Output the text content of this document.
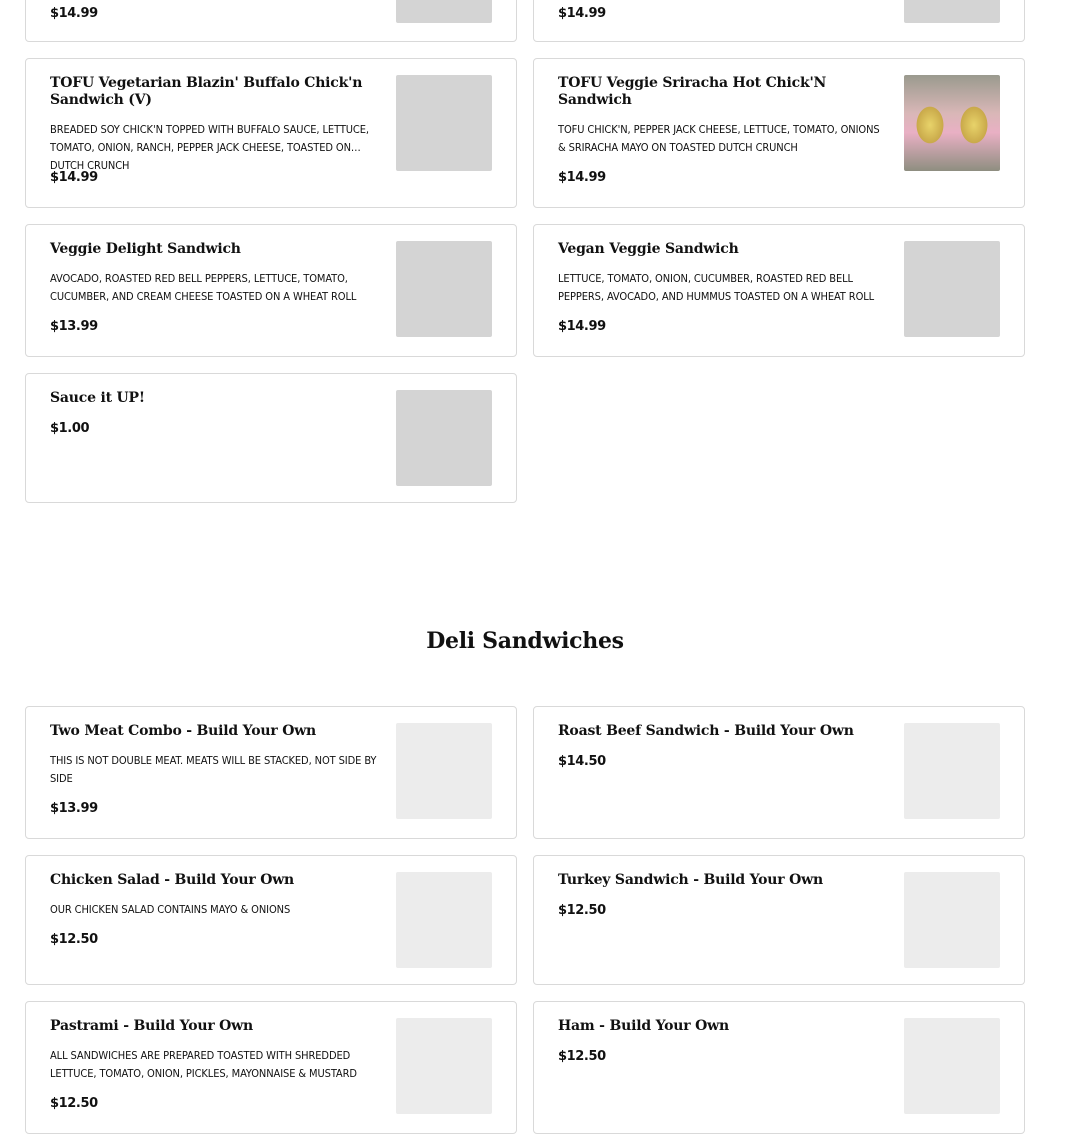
$14.99	$14.99

TOFU Vegetarian Blazin' Buffalo Chick'n Sandwich (V)

BREADED SOY CHICK'N TOPPED WITH BUFFALO SAUCE, LETTUCE, TOMATO, ONION, RANCH, PEPPER JACK CHEESE, TOASTED ON DUTCH CRUNCH

$14.99

TOFU Veggie Sriracha Hot Chick'N Sandwich

TOFU CHICK'N, PEPPER JACK CHEESE, LETTUCE, TOMATO, ONIONS & SRIRACHA MAYO ON TOASTED DUTCH CRUNCH

$14.99

Veggie Delight Sandwich

AVOCADO, ROASTED RED BELL PEPPERS, LETTUCE, TOMATO, CUCUMBER, AND CREAM CHEESE TOASTED ON A WHEAT ROLL

$13.99

Vegan Veggie Sandwich

LETTUCE, TOMATO, ONION, CUCUMBER, ROASTED RED BELL PEPPERS, AVOCADO, AND HUMMUS TOASTED ON A WHEAT ROLL

$14.99

Sauce it UP!

$1.00

Deli Sandwiches

Two Meat Combo - Build Your Own

THIS IS NOT DOUBLE MEAT. MEATS WILL BE STACKED, NOT SIDE BY SIDE

$13.99

Roast Beef Sandwich - Build Your Own

$14.50

Chicken Salad - Build Your Own

OUR CHICKEN SALAD CONTAINS MAYO & ONIONS

$12.50

Turkey Sandwich - Build Your Own

$12.50

Pastrami - Build Your Own

ALL SANDWICHES ARE PREPARED TOASTED WITH SHREDDED LETTUCE, TOMATO, ONION, PICKLES, MAYONNAISE & MUSTARD

$12.50

Ham - Build Your Own

$12.50
